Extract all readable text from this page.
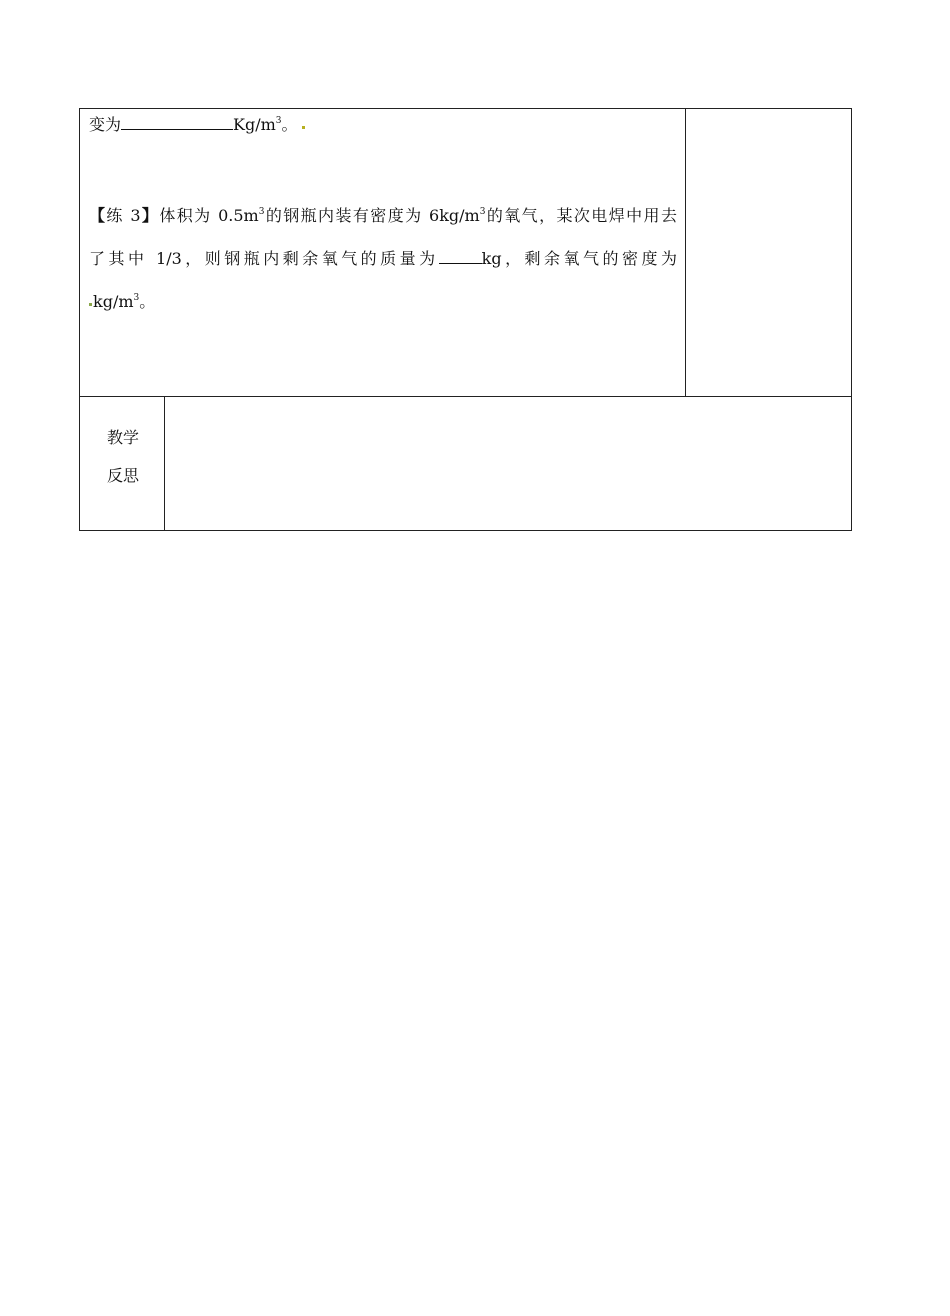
变为	$Kg/m^3$。
【练 3】体积为 $0.5m^3$的钢瓶内装有密度为 $6kg/m^3$的氧气，某次电焊中用去
了其中 1/3，则钢瓶内剩余氧气的质量为	kg，剩余氧气的密度为
$kg/m^3$。
教学
反思
